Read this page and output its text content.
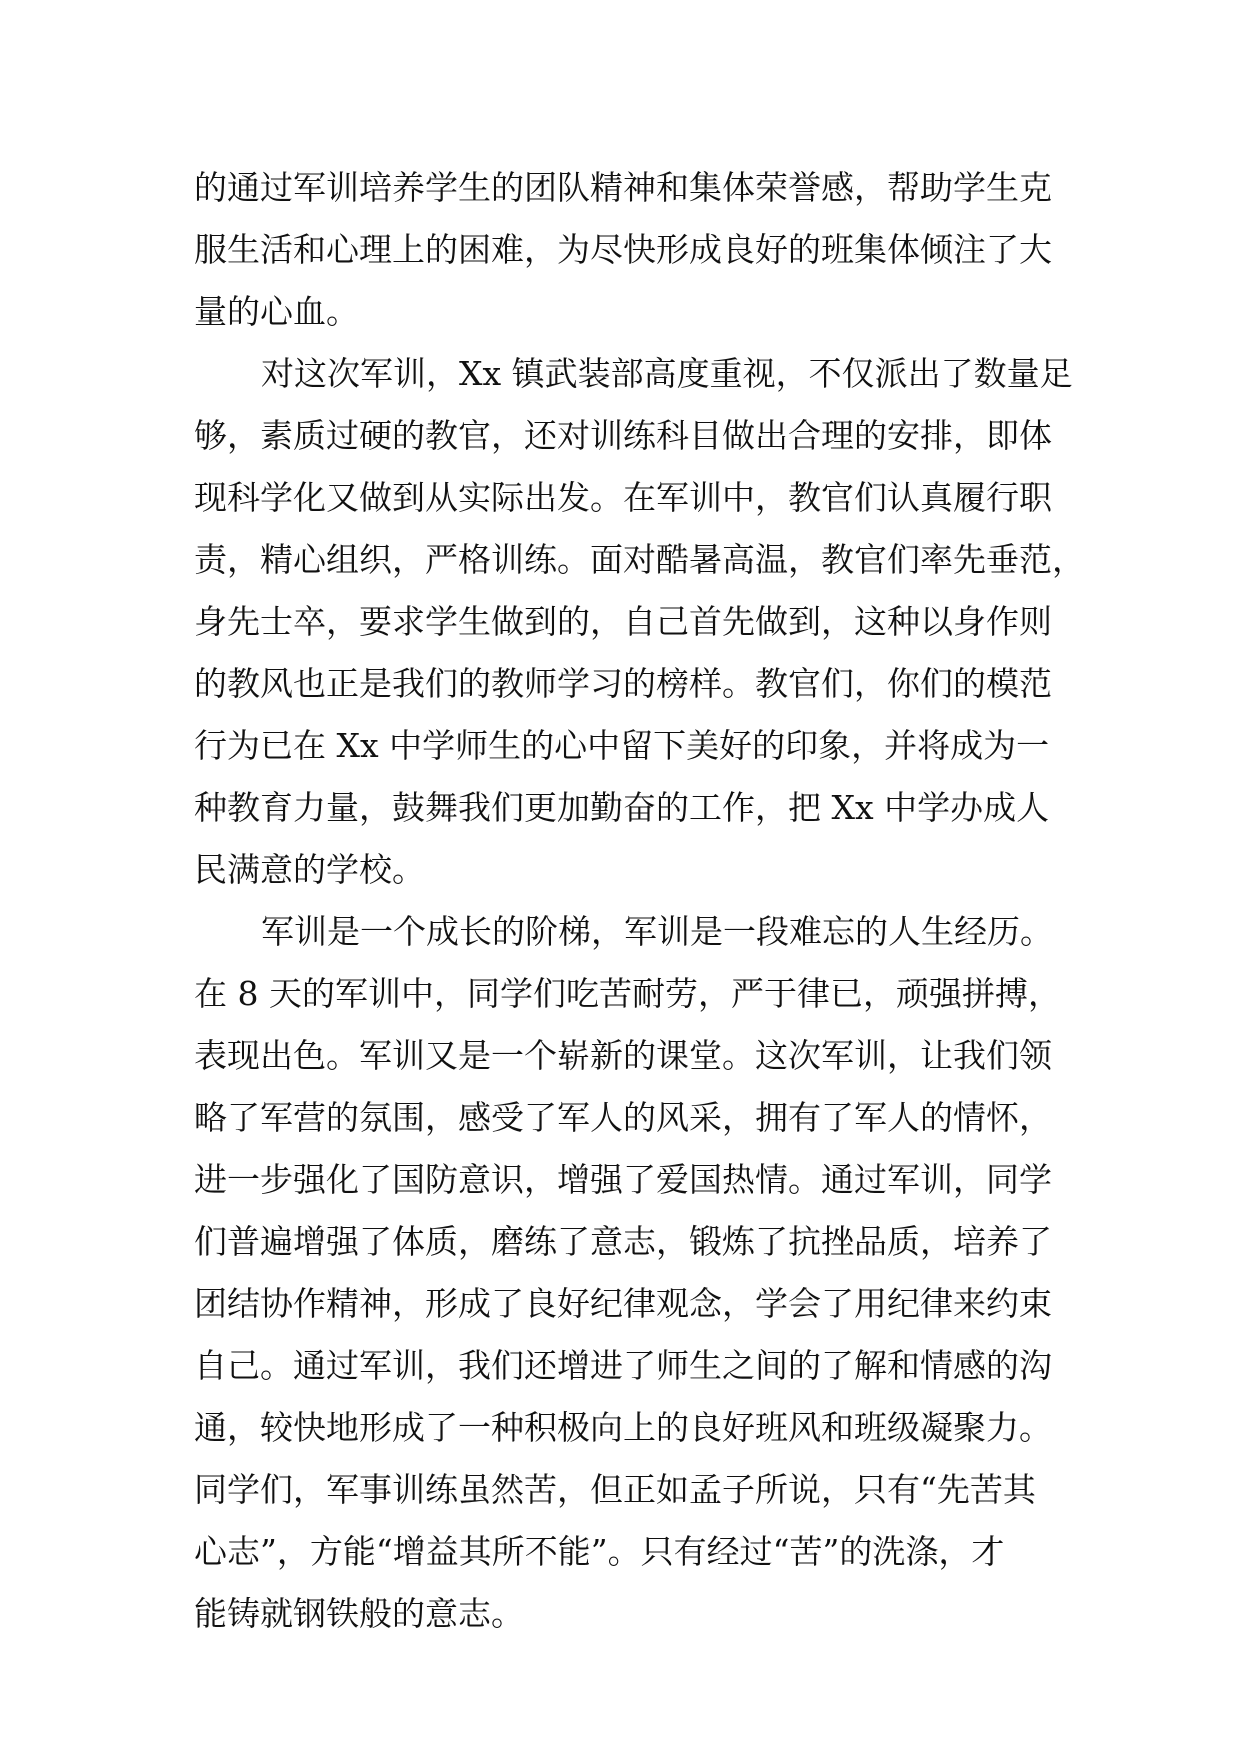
的通过军训培养学生的团队精神和集体荣誉感，帮助学生克
服生活和心理上的困难，为尽快形成良好的班集体倾注了大
量的心血。
对这次军训，Xx 镇武装部高度重视，不仅派出了数量足
够，素质过硬的教官，还对训练科目做出合理的安排，即体
现科学化又做到从实际出发。在军训中，教官们认真履行职
责，精心组织，严格训练。面对酷暑高温，教官们率先垂范，
身先士卒，要求学生做到的，自己首先做到，这种以身作则
的教风也正是我们的教师学习的榜样。教官们，你们的模范
行为已在 Xx 中学师生的心中留下美好的印象，并将成为一
种教育力量，鼓舞我们更加勤奋的工作，把 Xx 中学办成人
民满意的学校。
军训是一个成长的阶梯，军训是一段难忘的人生经历。
在 8 天的军训中，同学们吃苦耐劳，严于律已，顽强拼搏，
表现出色。军训又是一个崭新的课堂。这次军训，让我们领
略了军营的氛围，感受了军人的风采，拥有了军人的情怀，
进一步强化了国防意识，增强了爱国热情。通过军训，同学
们普遍增强了体质，磨练了意志，锻炼了抗挫品质，培养了
团结协作精神，形成了良好纪律观念，学会了用纪律来约束
自己。通过军训，我们还增进了师生之间的了解和情感的沟
通，较快地形成了一种积极向上的良好班风和班级凝聚力。
同学们，军事训练虽然苦，但正如孟子所说，只有“先苦其
心志”，方能“增益其所不能”。只有经过“苦”的洗涤，才
能铸就钢铁般的意志。
